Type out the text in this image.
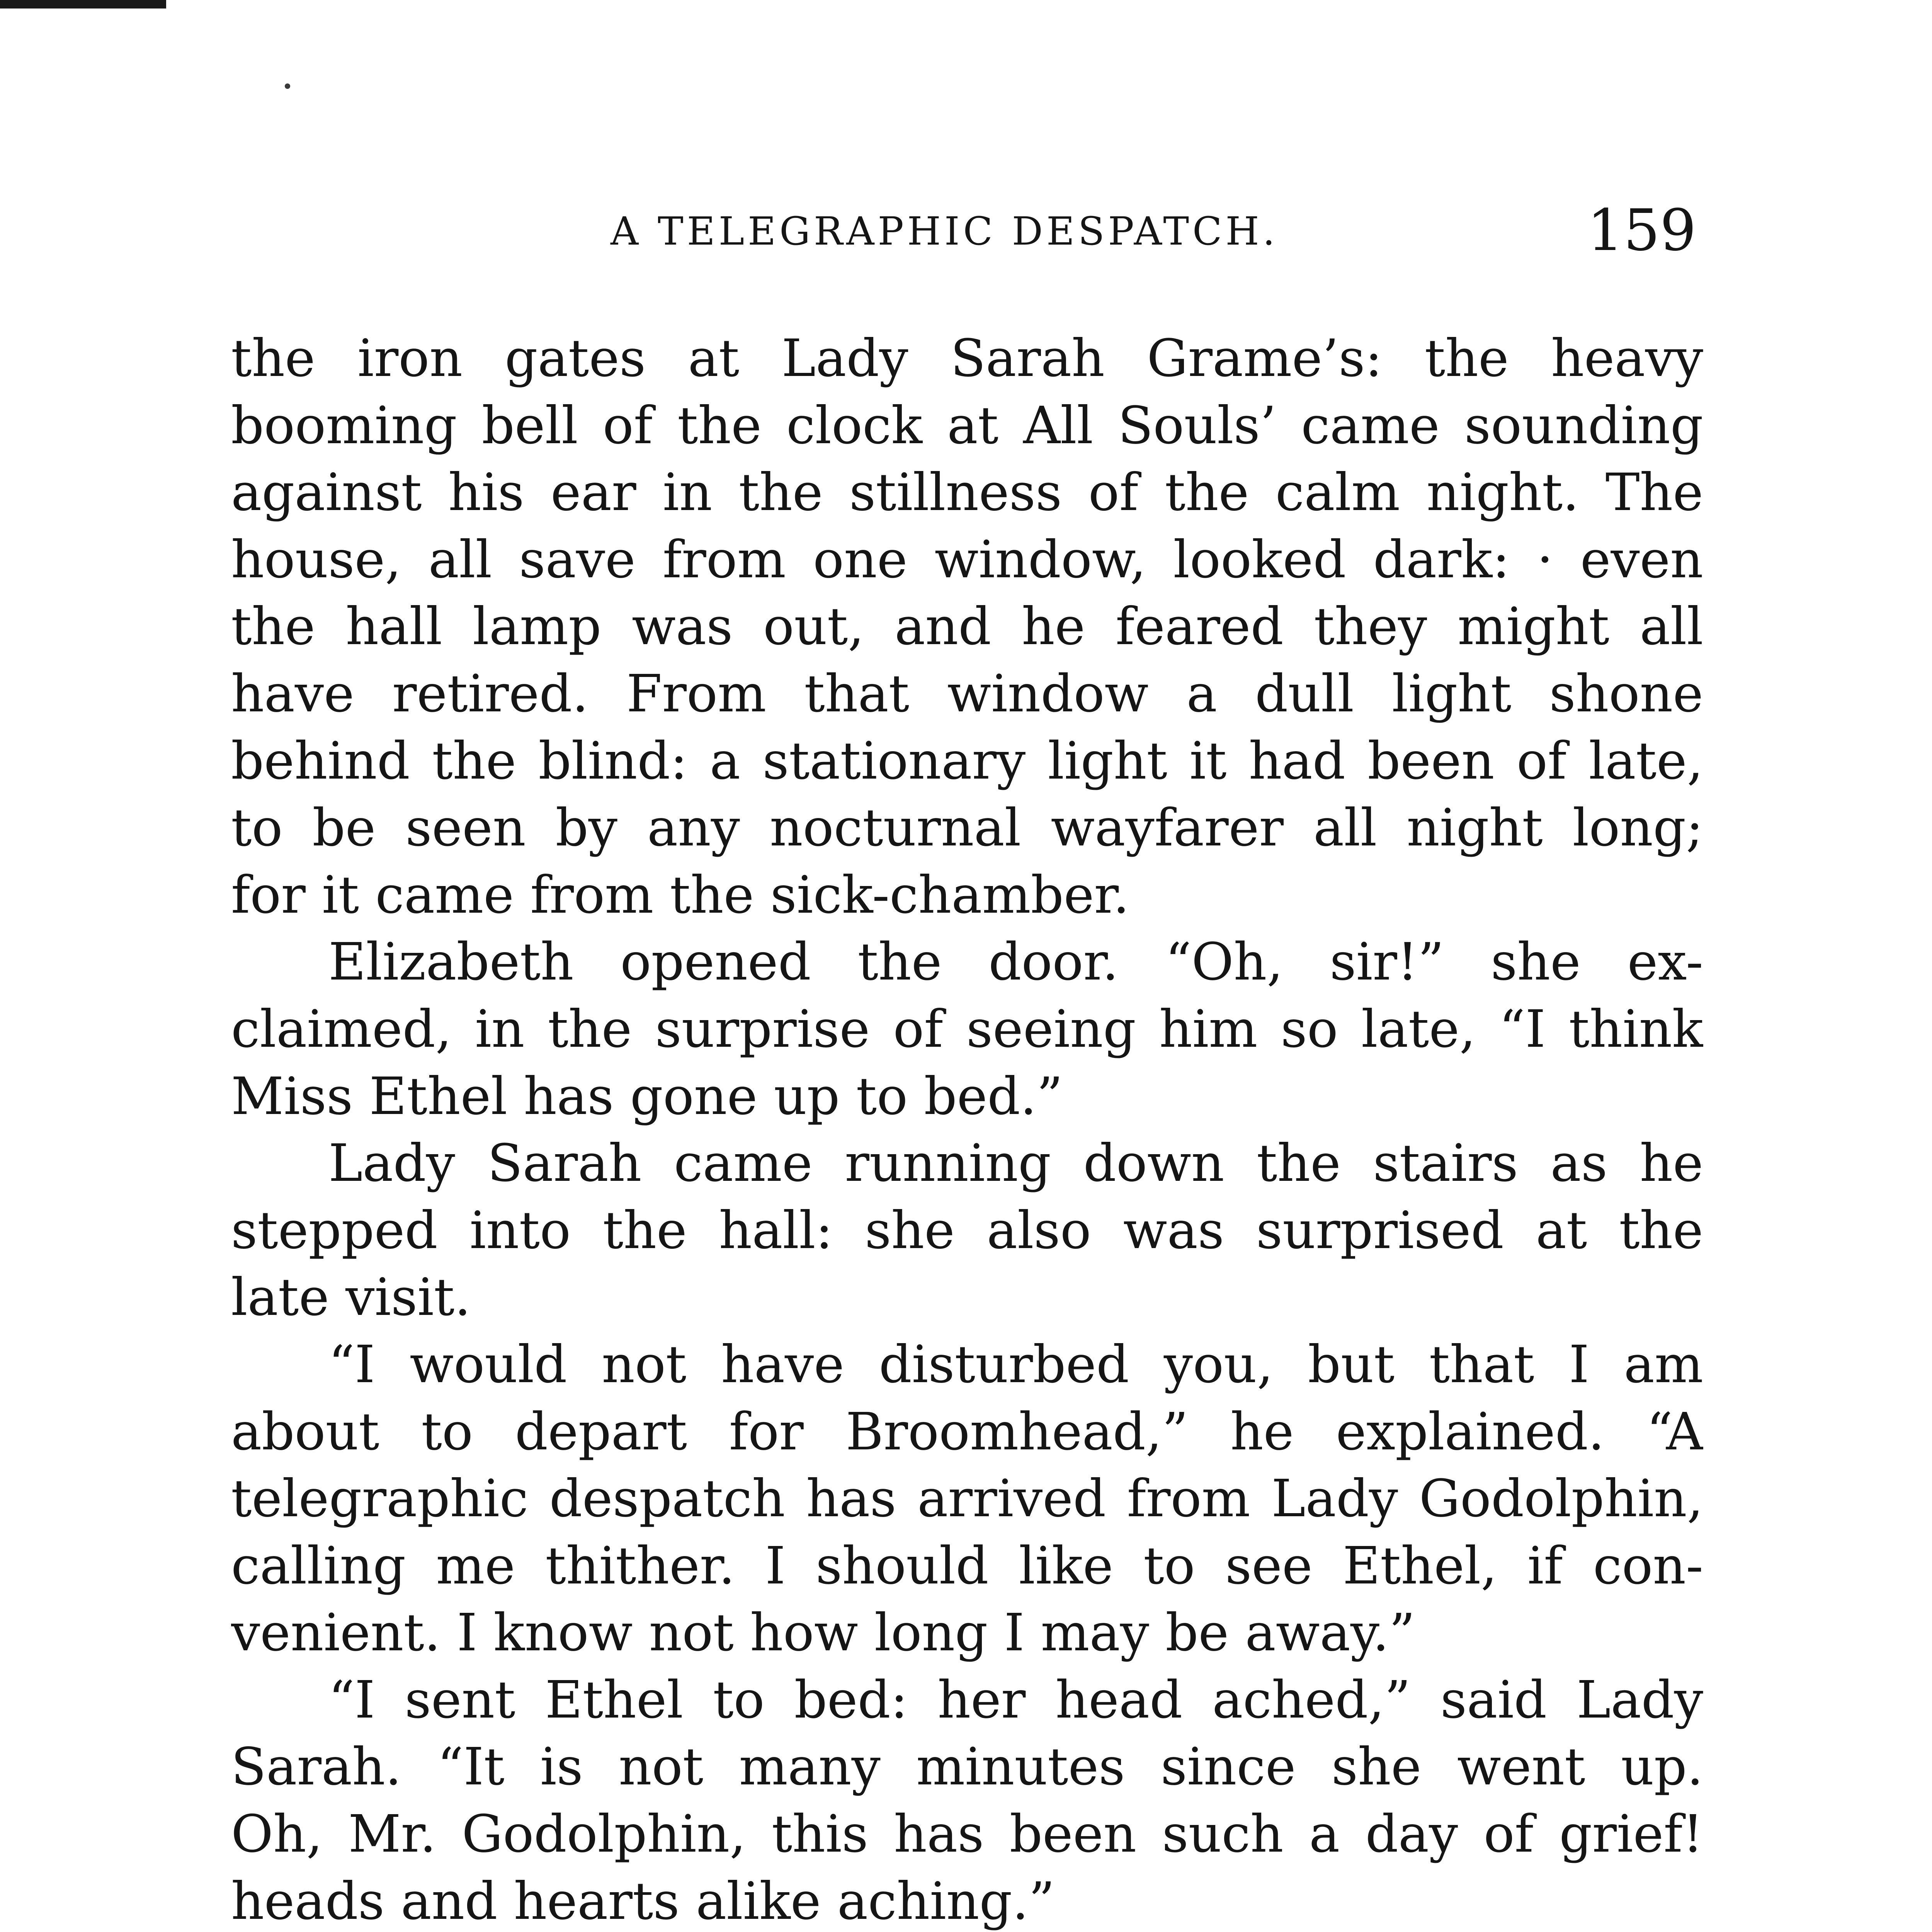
A TELEGRAPHIC DESPATCH.	159
the iron gates at Lady Sarah Grame’s: the heavy
booming bell of the clock at All Souls’ came sounding
against his ear in the stillness of the calm night. The
house, all save from one window, looked dark: · even
the hall lamp was out, and he feared they might all
have retired. From that window a dull light shone
behind the blind: a stationary light it had been of late,
to be seen by any nocturnal wayfarer all night long;
for it came from the sick-chamber.
Elizabeth opened the door. “Oh, sir!” she ex-
claimed, in the surprise of seeing him so late, “I think
Miss Ethel has gone up to bed.”
Lady Sarah came running down the stairs as he
stepped into the hall: she also was surprised at the
late visit.
“I would not have disturbed you, but that I am
about to depart for Broomhead,” he explained. “A
telegraphic despatch has arrived from Lady Godolphin,
calling me thither. I should like to see Ethel, if con-
venient. I know not how long I may be away.”
“I sent Ethel to bed: her head ached,” said Lady
Sarah. “It is not many minutes since she went up.
Oh, Mr. Godolphin, this has been such a day of grief!
heads and hearts alike aching.”
